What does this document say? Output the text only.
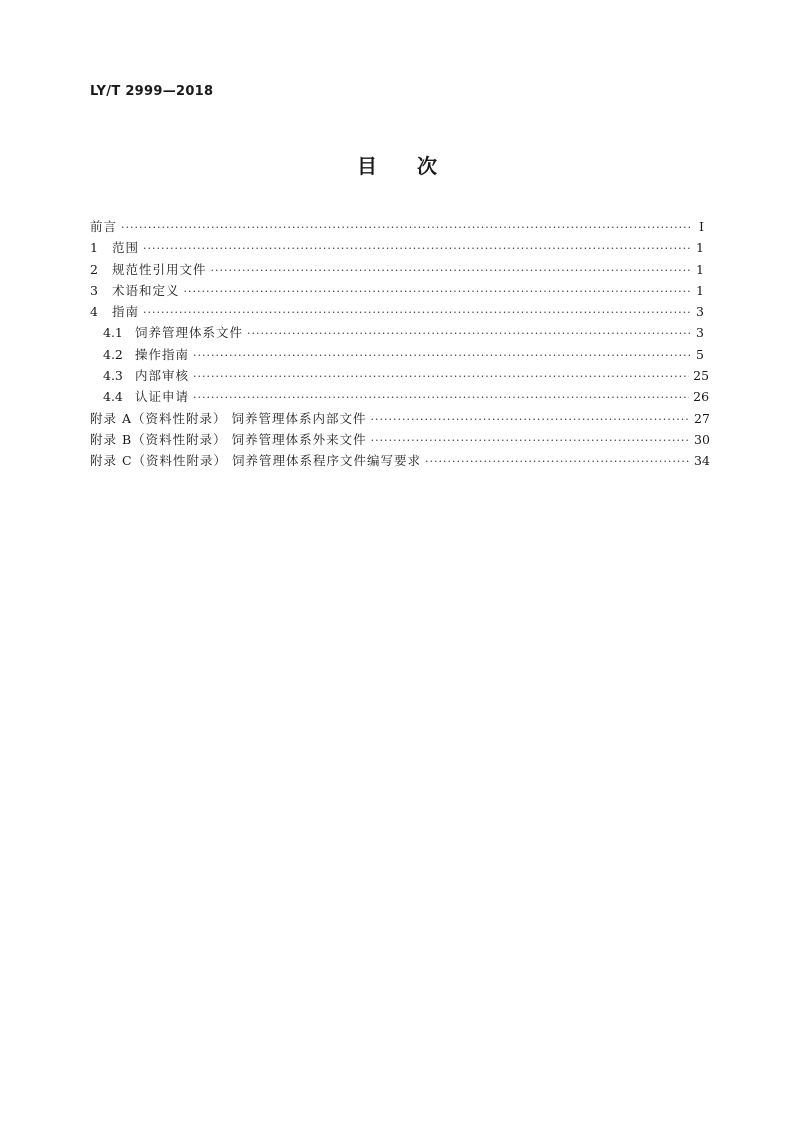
LY/T 2999—2018
目 次
前言 ·····	Ⅰ
1	范围 ·····	1
2	规范性引用文件 ·····	1
3	术语和定义 ·····	1
4	指南 ·····	3
4.1 饲养管理体系文件 ·····	3
4.2 操作指南 ·····	5
4.3 内部审核 ·····	25
4.4 认证申请 ·····	26
附录 A（资料性附录） 饲养管理体系内部文件 ·····	27
附录 B（资料性附录） 饲养管理体系外来文件 ·····	30
附录 C（资料性附录） 饲养管理体系程序文件编写要求 ·····	34
